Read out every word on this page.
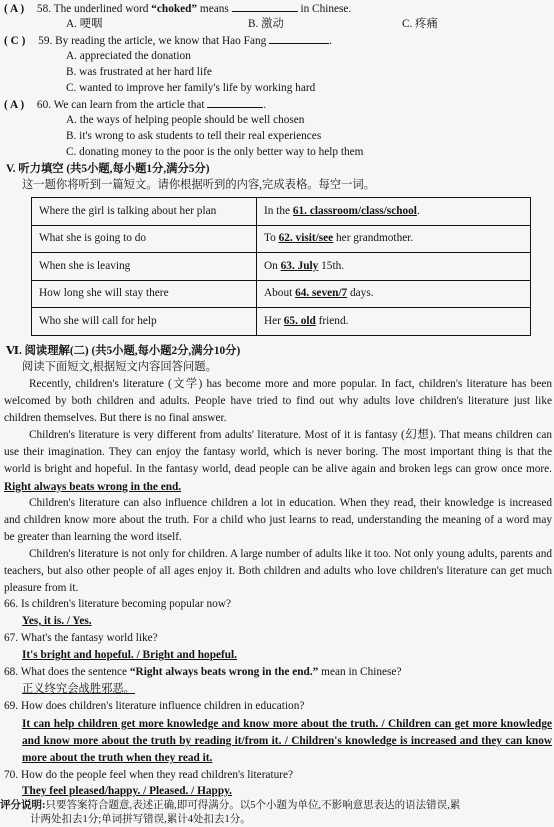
( A ) 58. The underlined word “choked” means	in Chinese.
A. 哽咽	B. 激动	C. 疼痛
( C ) 59. By reading the article, we know that Hao Fang	.
A. appreciated the donation
B. was frustrated at her hard life
C. wanted to improve her family's life by working hard
( A ) 60. We can learn from the article that	.
A. the ways of helping people should be well chosen
B. it's wrong to ask students to tell their real experiences
C. donating money to the poor is the only better way to help them
V. 听力填空 (共5小题,每小题1分,满分5分)
这一题你将听到一篇短文。请你根据听到的内容,完成表格。每空一词。
Where the girl is talking about her plan	In the 61. classroom/class/school.
What she is going to do	To 62. visit/see her grandmother.
When she is leaving	On 63. July 15th.
How long she will stay there	About 64. seven/7 days.
Who she will call for help	Her 65. old friend.
Ⅵ. 阅读理解(二) (共5小题,每小题2分,满分10分)
阅读下面短文,根据短文内容回答问题。
Recently, children's literature (文学) has become more and more popular. In fact, children's literature has been welcomed by both children and adults. People have tried to find out why adults love children's literature just like children themselves. But there is no final answer.
Children's literature is very different from adults' literature. Most of it is fantasy (幻想). That means children can use their imagination. They can enjoy the fantasy world, which is never boring. The most important thing is that the world is bright and hopeful. In the fantasy world, dead people can be alive again and broken legs can grow once more. Right always beats wrong in the end.
Children's literature can also influence children a lot in education. When they read, their knowledge is increased and children know more about the truth. For a child who just learns to read, understanding the meaning of a word may be greater than learning the word itself.
Children's literature is not only for children. A large number of adults like it too. Not only young adults, parents and teachers, but also other people of all ages enjoy it. Both children and adults who love children's literature can get much pleasure from it.
66. Is children's literature becoming popular now?
Yes, it is. / Yes.
67. What's the fantasy world like?
It's bright and hopeful. / Bright and hopeful.
68. What does the sentence “Right always beats wrong in the end.” mean in Chinese?
正义终究会战胜邪恶。
69. How does children's literature influence children in education?
It can help children get more knowledge and know more about the truth. / Children can get more knowledge and know more about the truth by reading it/from it. / Children's knowledge is increased and they can know more about the truth when they read it.
70. How do the people feel when they read children's literature?
They feel pleased/happy. / Pleased. / Happy.
评分说明:只要答案符合题意,表述正确,即可得满分。以5个小题为单位,不影响意思表达的语法错误,累
计两处扣去1分;单词拼写错误,累计4处扣去1分。
